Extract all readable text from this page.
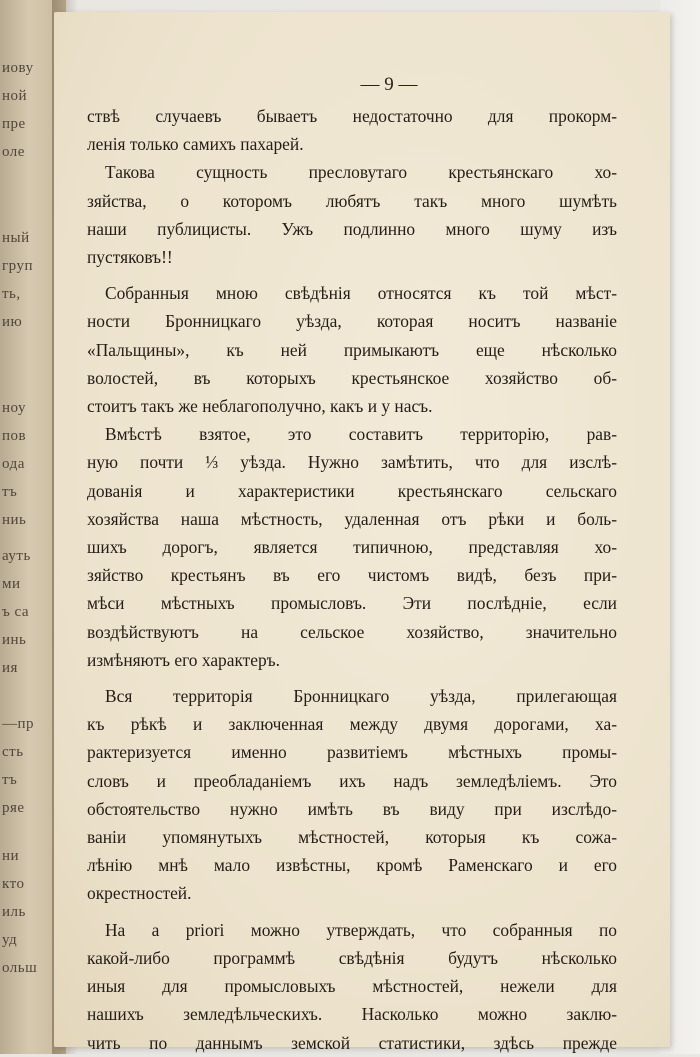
иову
ной
пре
оле
ный
груп
ть,
ию
ноу
пов
ода
тъ
ниь
ауть
ми
ъ са
инь
ия
—пр
сть
тъ
ряе
ни
кто
иль
уд
ольш
— 9 —
ствѣ случаевъ бываетъ недостаточно для прокорм-
ленія только самихъ пахарей.
Такова сущность пресловутаго крестьянскаго хо-
зяйства, о которомъ любятъ такъ много шумѣть
наши публицисты. Ужъ подлинно много шуму изъ
пустяковъ!!
Собранныя мною свѣдѣнія относятся къ той мѣст-
ности Бронницкаго уѣзда, которая носитъ названіе
«Пальщины», къ ней примыкаютъ еще нѣсколько
волостей, въ которыхъ крестьянское хозяйство об-
стоитъ такъ же неблагополучно, какъ и у насъ.
Вмѣстѣ взятое, это составитъ территорію, рав-
ную почти ⅓ уѣзда. Нужно замѣтить, что для изслѣ-
дованія и характеристики крестьянскаго сельскаго
хозяйства наша мѣстность, удаленная отъ рѣки и боль-
шихъ дорогъ, является типичною, представляя хо-
зяйство крестьянъ въ его чистомъ видѣ, безъ при-
мѣси мѣстныхъ промысловъ. Эти послѣдніе, если
воздѣйствуютъ на сельское хозяйство, значительно
измѣняютъ его характеръ.
Вся территорія Бронницкаго уѣзда, прилегающая
къ рѣкѣ и заключенная между двумя дорогами, ха-
рактеризуется именно развитіемъ мѣстныхъ промы-
словъ и преобладаніемъ ихъ надъ земледѣліемъ. Это
обстоятельство нужно имѣть въ виду при изслѣдо-
ваніи упомянутыхъ мѣстностей, которыя къ сожа-
лѣнію мнѣ мало извѣстны, кромѣ Раменскаго и его
окрестностей.
На a priori можно утверждать, что собранныя по
какой-либо программѣ свѣдѣнія будутъ нѣсколько
иныя для промысловыхъ мѣстностей, нежели для
нашихъ земледѣльческихъ. Насколько можно заклю-
чить по даннымъ земской статистики, здѣсь прежде
